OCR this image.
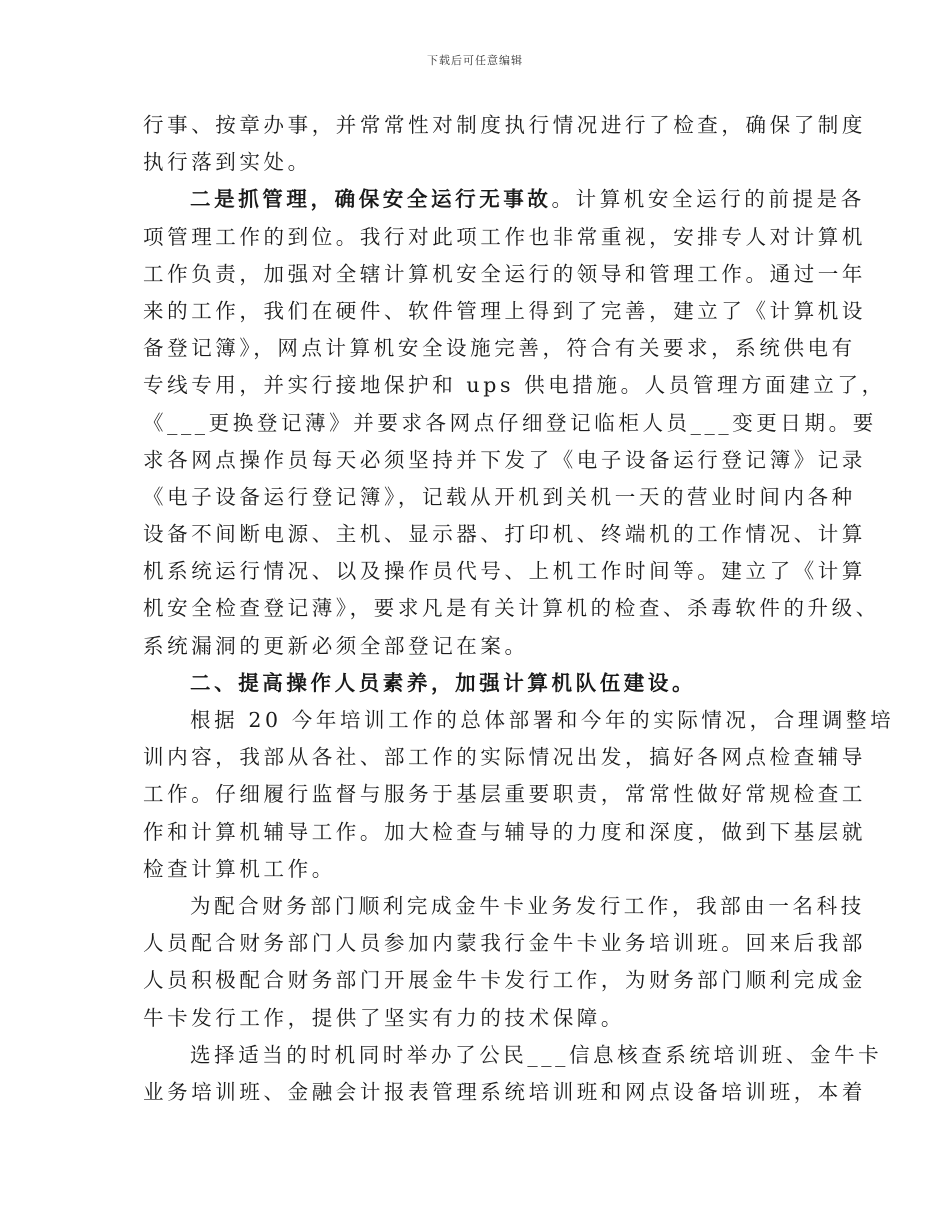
下载后可任意编辑
行事、按章办事，并常常性对制度执行情况进行了检查，确保了制度
执行落到实处。
二是抓管理，确保安全运行无事故。计算机安全运行的前提是各
项管理工作的到位。我行对此项工作也非常重视，安排专人对计算机
工作负责，加强对全辖计算机安全运行的领导和管理工作。通过一年
来的工作，我们在硬件、软件管理上得到了完善，建立了《计算机设
备登记簿》，网点计算机安全设施完善，符合有关要求，系统供电有
专线专用，并实行接地保护和 ups 供电措施。人员管理方面建立了，
《___更换登记薄》并要求各网点仔细登记临柜人员___变更日期。要
求各网点操作员每天必须坚持并下发了《电子设备运行登记簿》记录
《电子设备运行登记簿》，记载从开机到关机一天的营业时间内各种
设备不间断电源、主机、显示器、打印机、终端机的工作情况、计算
机系统运行情况、以及操作员代号、上机工作时间等。建立了《计算
机安全检查登记薄》，要求凡是有关计算机的检查、杀毒软件的升级、
系统漏洞的更新必须全部登记在案。
二、提高操作人员素养，加强计算机队伍建设。
根据 20 今年培训工作的总体部署和今年的实际情况，合理调整培
训内容，我部从各社、部工作的实际情况出发，搞好各网点检查辅导
工作。仔细履行监督与服务于基层重要职责，常常性做好常规检查工
作和计算机辅导工作。加大检查与辅导的力度和深度，做到下基层就
检查计算机工作。
为配合财务部门顺利完成金牛卡业务发行工作，我部由一名科技
人员配合财务部门人员参加内蒙我行金牛卡业务培训班。回来后我部
人员积极配合财务部门开展金牛卡发行工作，为财务部门顺利完成金
牛卡发行工作，提供了坚实有力的技术保障。
选择适当的时机同时举办了公民___信息核查系统培训班、金牛卡
业务培训班、金融会计报表管理系统培训班和网点设备培训班，本着
